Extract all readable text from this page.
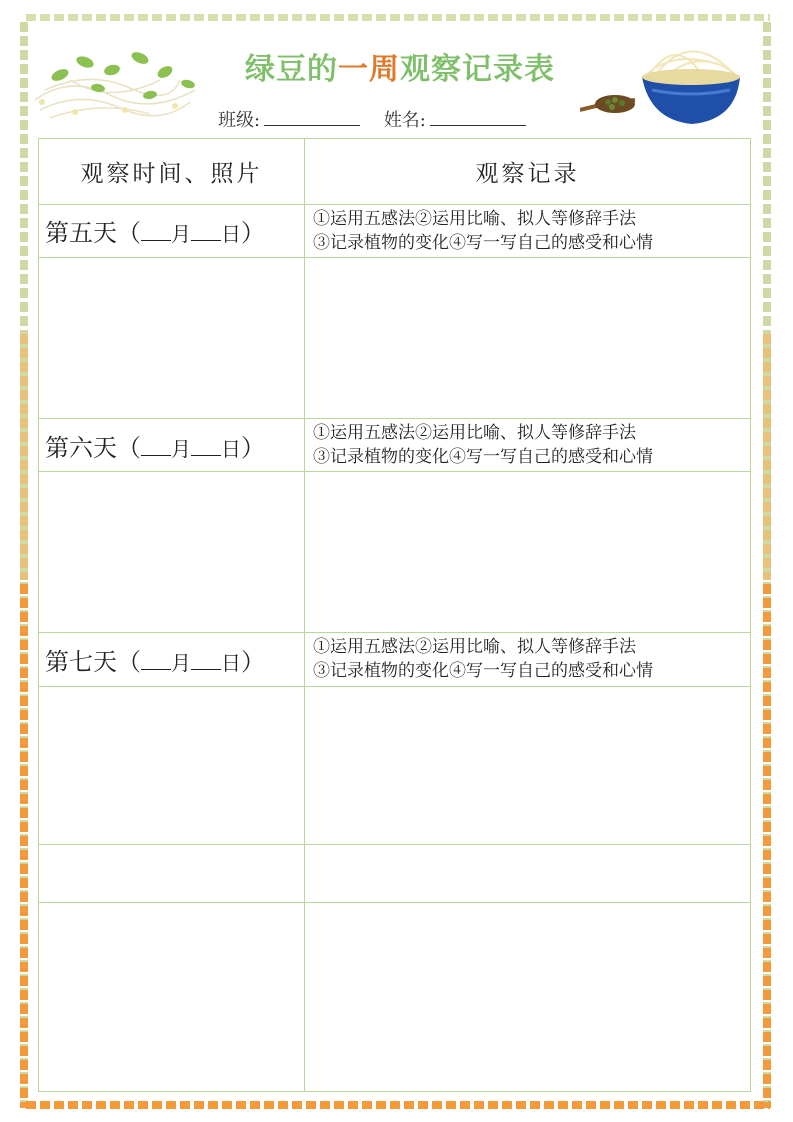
绿豆的一周观察记录表
班级:	姓名:
观察时间、照片	观察记录
第五天（ 月 日）	①运用五感法②运用比喻、拟人等修辞手法
③记录植物的变化④写一写自己的感受和心情

第六天（ 月 日）	①运用五感法②运用比喻、拟人等修辞手法
③记录植物的变化④写一写自己的感受和心情

第七天（ 月 日）	①运用五感法②运用比喻、拟人等修辞手法
③记录植物的变化④写一写自己的感受和心情
